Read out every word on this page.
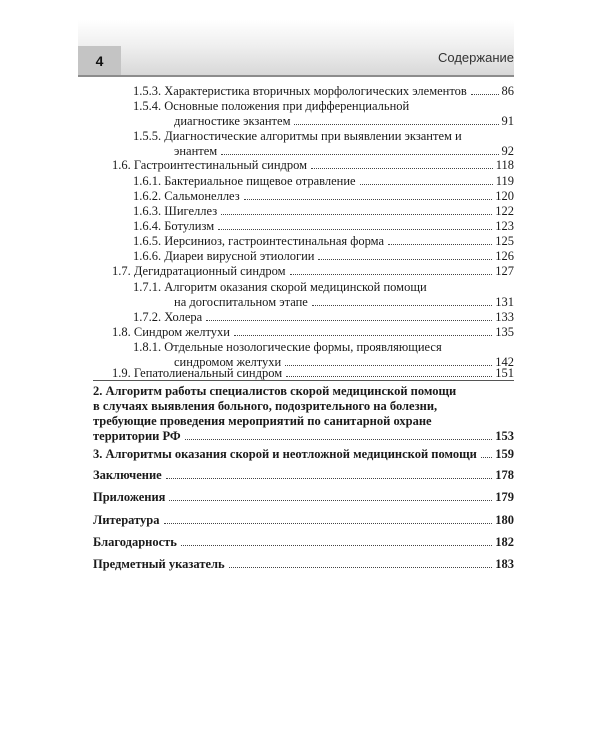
4	Содержание
1.5.3. Характеристика вторичных морфологических элементов	86
1.5.4. Основные положения при дифференциальной
диагностике экзантем	91
1.5.5. Диагностические алгоритмы при выявлении экзантем и
энантем	92
1.6. Гастроинтестинальный синдром	118
1.6.1. Бактериальное пищевое отравление	119
1.6.2. Сальмонеллез	120
1.6.3. Шигеллез	122
1.6.4. Ботулизм	123
1.6.5. Иерсиниоз, гастроинтестинальная форма	125
1.6.6. Диареи вирусной этиологии	126
1.7. Дегидратационный синдром	127
1.7.1. Алгоритм оказания скорой медицинской помощи
на догоспитальном этапе	131
1.7.2. Холера	133
1.8. Синдром желтухи	135
1.8.1. Отдельные нозологические формы, проявляющиеся
синдромом желтухи	142
1.9. Гепатолиенальный синдром	151
2. Алгоритм работы специалистов скорой медицинской помощи
в случаях выявления больного, подозрительного на болезни,
требующие проведения мероприятий по санитарной охране
территории РФ	153
3. Алгоритмы оказания скорой и неотложной медицинской помощи 159
Заключение	178
Приложения	179
Литература	180
Благодарность	182
Предметный указатель	183
